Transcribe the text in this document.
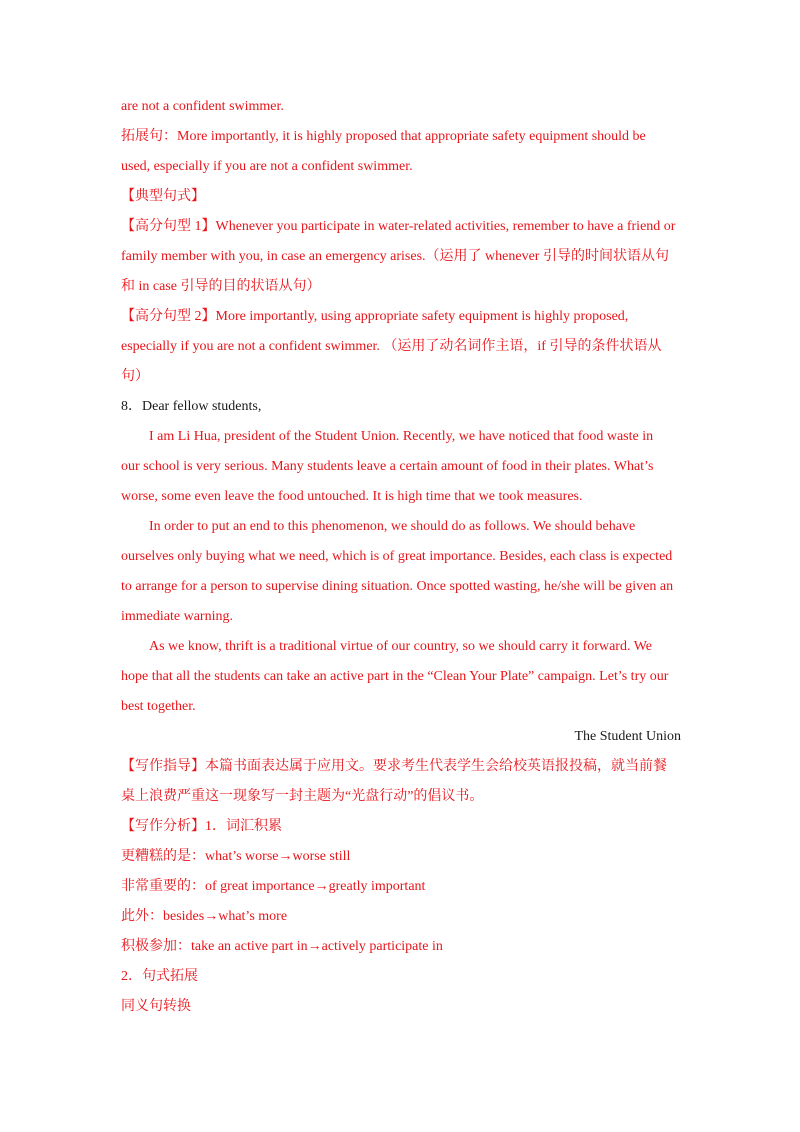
are not a confident swimmer.

拓展句：More importantly, it is highly proposed that appropriate safety equipment should be

used, especially if you are not a confident swimmer.

【典型句式】

【高分句型 1】Whenever you participate in water-related activities, remember to have a friend or

family member with you, in case an emergency arises.（运用了 whenever 引导的时间状语从句

和 in case 引导的目的状语从句）

【高分句型 2】More importantly, using appropriate safety equipment is highly proposed,

especially if you are not a confident swimmer. （运用了动名词作主语，if 引导的条件状语从

句）

8．Dear fellow students,

I am Li Hua, president of the Student Union. Recently, we have noticed that food waste in

our school is very serious. Many students leave a certain amount of food in their plates. What’s

worse, some even leave the food untouched. It is high time that we took measures.

In order to put an end to this phenomenon, we should do as follows. We should behave

ourselves only buying what we need, which is of great importance. Besides, each class is expected

to arrange for a person to supervise dining situation. Once spotted wasting, he/she will be given an

immediate warning.

As we know, thrift is a traditional virtue of our country, so we should carry it forward. We

hope that all the students can take an active part in the “Clean Your Plate” campaign. Let’s try our

best together.

The Student Union

【写作指导】本篇书面表达属于应用文。要求考生代表学生会给校英语报投稿，就当前餐

桌上浪费严重这一现象写一封主题为“光盘行动”的倡议书。

【写作分析】1．词汇积累

更糟糕的是：what’s worse→worse still

非常重要的：of great importance→greatly important

此外：besides→what’s more

积极参加：take an active part in→actively participate in

2．句式拓展

同义句转换
